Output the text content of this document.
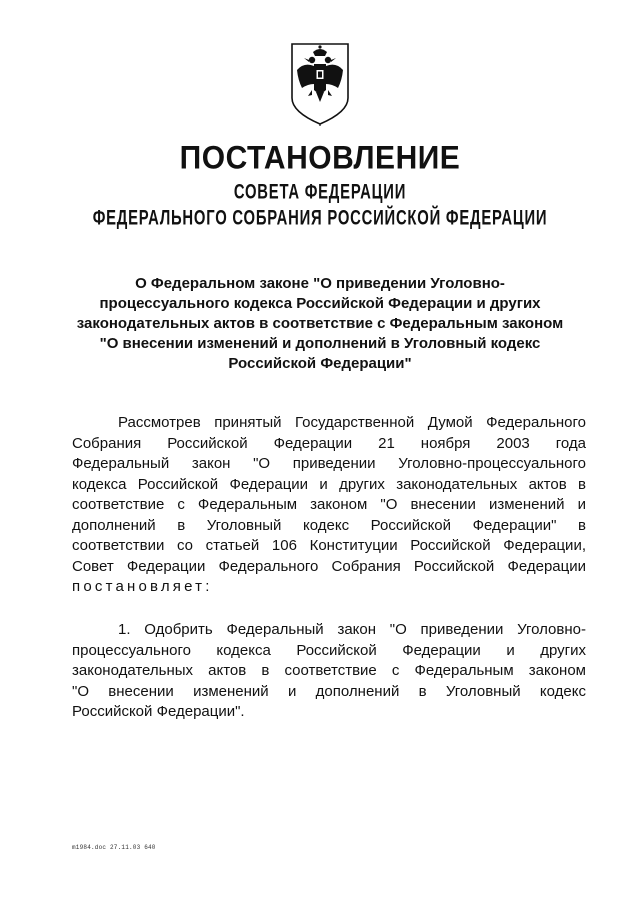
ПОСТАНОВЛЕНИЕ
СОВЕТА ФЕДЕРАЦИИ
ФЕДЕРАЛЬНОГО СОБРАНИЯ РОССИЙСКОЙ ФЕДЕРАЦИИ
О Федеральном законе "О приведении Уголовно-
процессуального кодекса Российской Федерации и других
законодательных актов в соответствие с Федеральным законом
"О внесении изменений и дополнений в Уголовный кодекс
Российской Федерации"
Рассмотрев принятый Государственной Думой Федерального
Собрания Российской Федерации 21 ноября 2003 года
Федеральный закон "О приведении Уголовно-процессуального
кодекса Российской Федерации и других законодательных актов в
соответствие с Федеральным законом "О внесении изменений и
дополнений в Уголовный кодекс Российской Федерации" в
соответствии со статьей 106 Конституции Российской Федерации,
Совет Федерации Федерального Собрания Российской Федерации
постановляет:
1. Одобрить Федеральный закон "О приведении Уголовно-
процессуального кодекса Российской Федерации и других
законодательных актов в соответствие с Федеральным законом
"О внесении изменений и дополнений в Уголовный кодекс
Российской Федерации".
m1984.doc 27.11.03 640
